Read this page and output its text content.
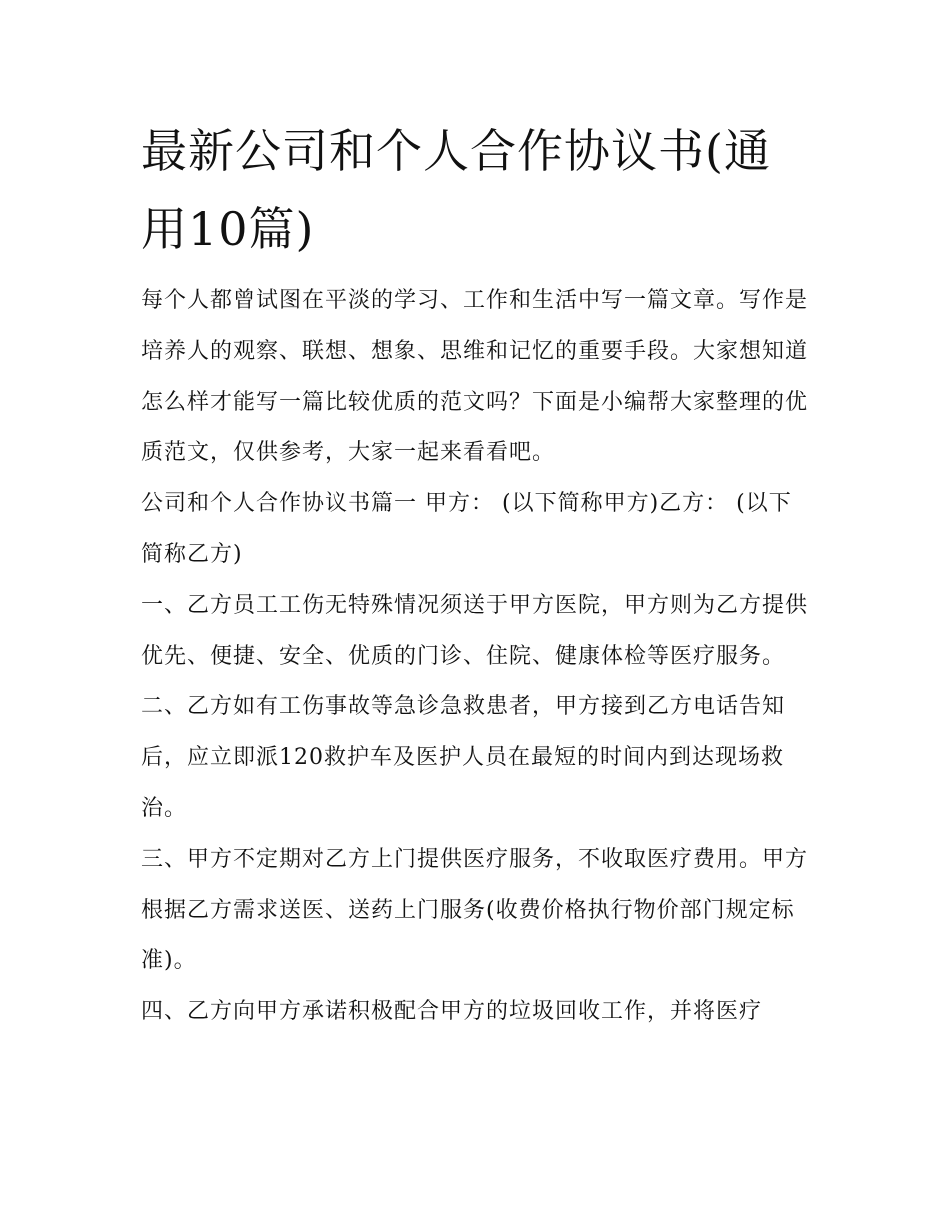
最新公司和个人合作协议书(通用10篇)

每个人都曾试图在平淡的学习、工作和生活中写一篇文章。写作是培养人的观察、联想、想象、思维和记忆的重要手段。大家想知道怎么样才能写一篇比较优质的范文吗？下面是小编帮大家整理的优质范文，仅供参考，大家一起来看看吧。

公司和个人合作协议书篇一 甲方： (以下简称甲方)乙方： (以下简称乙方)

一、乙方员工工伤无特殊情况须送于甲方医院，甲方则为乙方提供优先、便捷、安全、优质的门诊、住院、健康体检等医疗服务。

二、乙方如有工伤事故等急诊急救患者，甲方接到乙方电话告知后，应立即派120救护车及医护人员在最短的时间内到达现场救治。

三、甲方不定期对乙方上门提供医疗服务，不收取医疗费用。甲方根据乙方需求送医、送药上门服务(收费价格执行物价部门规定标准)。

四、乙方向甲方承诺积极配合甲方的垃圾回收工作，并将医疗
